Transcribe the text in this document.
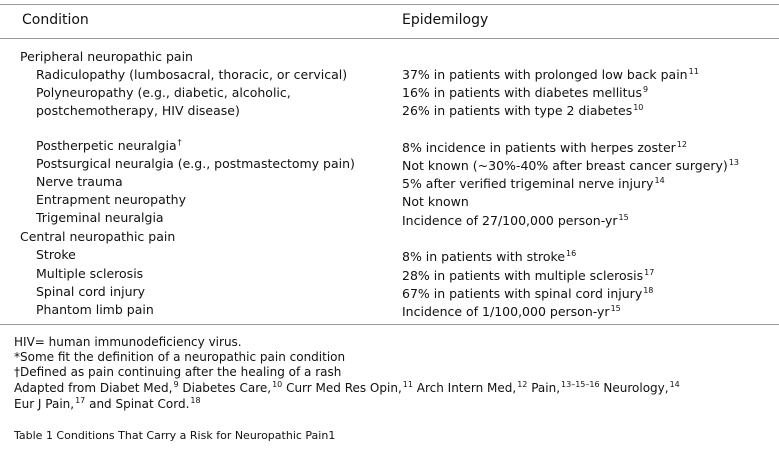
Condition	Epidemilogy
Peripheral neuropathic pain
Radiculopathy (lumbosacral, thoracic, or cervical)	37% in patients with prolonged low back pain$^{11}$
Polyneuropathy (e.g., diabetic, alcoholic,	16% in patients with diabetes mellitus$^9$
postchemotherapy, HIV disease)	26% in patients with type 2 diabetes$^{10}$
Postherpetic neuralgia†	8% incidence in patients with herpes zoster$^{12}$
Postsurgical neuralgia (e.g., postmastectomy pain)	Not known (~30%-40% after breast cancer surgery)$^{13}$
Nerve trauma	5% after verified trigeminal nerve injury$^{14}$
Entrapment neuropathy	Not known
Trigeminal neuralgia	Incidence of 27/100,000 person-$yr^{15}$
Central neuropathic pain
Stroke	8% in patients with stroke$^{16}$
Multiple sclerosis	28% in patients with multiple sclerosis$^{17}$
Spinal cord injury	67% in patients with spinal cord injury$^{18}$
Phantom limb pain	Incidence of 1/100,000 person-$yr^{15}$
HIV= human immunodeficiency virus.
*Some fit the definition of a neuropathic pain condition
†Defined as pain continuing after the healing of a rash
Adapted from Diabet Med,$^9$ Diabetes Care,$^{10}$ Curr Med Res Opin,$^{11}$ Arch Intern Med,$^{12}$ Pain,$^{13-15-16}$ Neurology,$^{14}$
Eur J Pain,$^{17}$ and Spinat Cord.$^{18}$
Table 1 Conditions That Carry a Risk for Neuropathic Pain1
